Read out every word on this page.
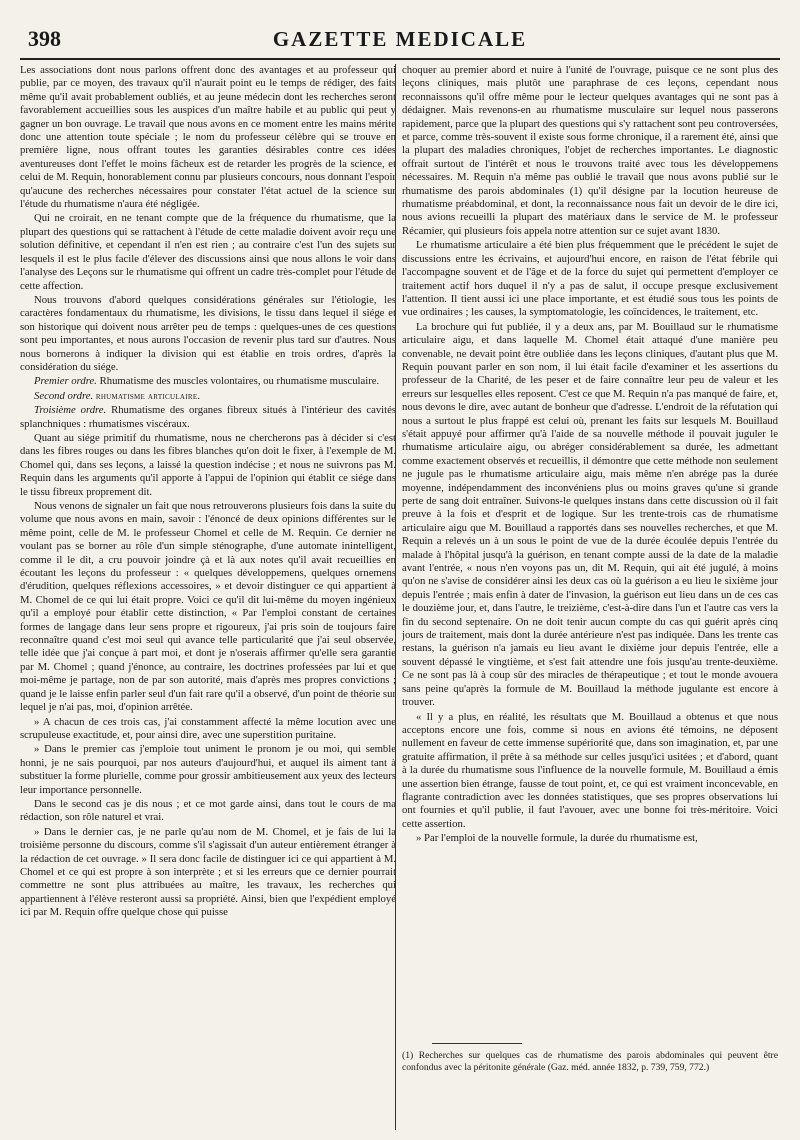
398	GAZETTE MEDICALE

Les associations dont nous parlons offrent donc des avantages et au professeur qui publie, par ce moyen, des travaux qu'il n'aurait point eu le temps de rédiger, des faits même qu'il avait probablement oubliés, et au jeune médecin dont les recherches seront favorablement accueillies sous les auspices d'un maître habile et au public qui peut y gagner un bon ouvrage. Le travail que nous avons en ce moment entre les mains mérite donc une attention toute spéciale ; le nom du professeur célèbre qui se trouve en première ligne, nous offrant toutes les garanties désirables contre ces idées aventureuses dont l'effet le moins fâcheux est de retarder les progrès de la science, et celui de M. Requin, honorablement connu par plusieurs concours, nous donnant l'espoir qu'aucune des recherches nécessaires pour constater l'état actuel de la science sur l'étude du rhumatisme n'aura été négligée.

Qui ne croirait, en ne tenant compte que de la fréquence du rhumatisme, que la plupart des questions qui se rattachent à l'étude de cette maladie doivent avoir reçu une solution définitive, et cependant il n'en est rien ; au contraire c'est l'un des sujets sur lesquels il est le plus facile d'élever des discussions ainsi que nous allons le voir dans l'analyse des Leçons sur le rhumatisme qui offrent un cadre très-complet pour l'étude de cette affection.

Nous trouvons d'abord quelques considérations générales sur l'étiologie, les caractères fondamentaux du rhumatisme, les divisions, le tissu dans lequel il siége et son historique qui doivent nous arrêter peu de temps : quelques-unes de ces questions sont peu importantes, et nous aurons l'occasion de revenir plus tard sur d'autres. Nous nous bornerons à indiquer la division qui est établie en trois ordres, d'après la considération du siége.

Premier ordre. Rhumatisme des muscles volontaires, ou rhumatisme musculaire.

Second ordre. rhumatisme articulaire.

Troisième ordre. Rhumatisme des organes fibreux situés à l'intérieur des cavités splanchniques : rhumatismes viscéraux.

Quant au siége primitif du rhumatisme, nous ne chercherons pas à décider si c'est dans les fibres rouges ou dans les fibres blanches qu'on doit le fixer, à l'exemple de M. Chomel qui, dans ses leçons, a laissé la question indécise ; et nous ne suivrons pas M. Requin dans les arguments qu'il apporte à l'appui de l'opinion qui établit ce siége dans le tissu fibreux proprement dit.

Nous venons de signaler un fait que nous retrouverons plusieurs fois dans la suite du volume que nous avons en main, savoir : l'énoncé de deux opinions différentes sur le même point, celle de M. le professeur Chomel et celle de M. Requin. Ce dernier ne voulant pas se borner au rôle d'un simple sténographe, d'une automate inintelligent, comme il le dit, a cru pouvoir joindre çà et là aux notes qu'il avait recueillies en écoutant les leçons du professeur : « quelques développemens, quelques ornemens d'érudition, quelques réflexions accessoires, » et devoir distinguer ce qui appartient à M. Chomel de ce qui lui était propre. Voici ce qu'il dit lui-même du moyen ingénieux qu'il a employé pour établir cette distinction, « Par l'emploi constant de certaines formes de langage dans leur sens propre et rigoureux, j'ai pris soin de toujours faire reconnaître quand c'est moi seul qui avance telle particularité que j'ai seul observée, telle idée que j'ai conçue à part moi, et dont je n'oserais affirmer qu'elle sera garantie par M. Chomel ; quand j'énonce, au contraire, les doctrines professées par lui et que moi-même je partage, non de par son autorité, mais d'après mes propres convictions ; quand je le laisse enfin parler seul d'un fait rare qu'il a observé, d'un point de théorie sur lequel je n'ai pas, moi, d'opinion arrêtée.

» A chacun de ces trois cas, j'ai constamment affecté la même locution avec une scrupuleuse exactitude, et, pour ainsi dire, avec une superstition puritaine.

» Dans le premier cas j'emploie tout uniment le pronom je ou moi, qui semble honni, je ne sais pourquoi, par nos auteurs d'aujourd'hui, et auquel ils aiment tant à substituer la forme plurielle, comme pour grossir ambitieusement aux yeux des lecteurs leur importance personnelle.

Dans le second cas je dis nous ; et ce mot garde ainsi, dans tout le cours de ma rédaction, son rôle naturel et vrai.

» Dans le dernier cas, je ne parle qu'au nom de M. Chomel, et je fais de lui la troisième personne du discours, comme s'il s'agissait d'un auteur entièrement étranger à la rédaction de cet ouvrage. » Il sera donc facile de distinguer ici ce qui appartient à M. Chomel et ce qui est propre à son interprète ; et si les erreurs que ce dernier pourrait commettre ne sont plus attribuées au maître, les travaux, les recherches qui appartiennent à l'élève resteront aussi sa propriété. Ainsi, bien que l'expédient employé ici par M. Requin offre quelque chose qui puisse

choquer au premier abord et nuire à l'unité de l'ouvrage, puisque ce ne sont plus des leçons cliniques, mais plutôt une paraphrase de ces leçons, cependant nous reconnaissons qu'il offre même pour le lecteur quelques avantages qui ne sont pas à dédaigner. Mais revenons-en au rhumatisme musculaire sur lequel nous passerons rapidement, parce que la plupart des questions qui s'y rattachent sont peu controversées, et parce, comme très-souvent il existe sous forme chronique, il a rarement été, ainsi que la plupart des maladies chroniques, l'objet de recherches importantes. Le diagnostic offrait surtout de l'intérêt et nous le trouvons traité avec tous les développemens nécessaires. M. Requin n'a même pas oublié le travail que nous avons publié sur le rhumatisme des parois abdominales (1) qu'il désigne par la locution heureuse de rhumatisme préabdominal, et dont, la reconnaissance nous fait un devoir de le dire ici, nous avions recueilli la plupart des matériaux dans le service de M. le professeur Récamier, qui plusieurs fois appela notre attention sur ce sujet avant 1830.

Le rhumatisme articulaire a été bien plus fréquemment que le précédent le sujet de discussions entre les écrivains, et aujourd'hui encore, en raison de l'état fébrile qui l'accompagne souvent et de l'âge et de la force du sujet qui permettent d'employer ce traitement actif hors duquel il n'y a pas de salut, il occupe presque exclusivement l'attention. Il tient aussi ici une place importante, et est étudié sous tous les points de vue ordinaires ; les causes, la symptomatologie, les coïncidences, le traitement, etc.

La brochure qui fut publiée, il y a deux ans, par M. Bouillaud sur le rhumatisme articulaire aigu, et dans laquelle M. Chomel était attaqué d'une manière peu convenable, ne devait point être oubliée dans les leçons cliniques, d'autant plus que M. Requin pouvant parler en son nom, il lui était facile d'examiner et les assertions du professeur de la Charité, de les peser et de faire connaître leur peu de valeur et les erreurs sur lesquelles elles reposent. C'est ce que M. Requin n'a pas manqué de faire, et, nous devons le dire, avec autant de bonheur que d'adresse. L'endroit de la réfutation qui nous a surtout le plus frappé est celui où, prenant les faits sur lesquels M. Bouillaud s'était appuyé pour affirmer qu'à l'aide de sa nouvelle méthode il pouvait juguler le rhumatisme articulaire aigu, ou abréger considérablement sa durée, les admettant comme exactement observés et recueillis, il démontre que cette méthode non seulement ne jugule pas le rhumatisme articulaire aigu, mais même n'en abrége pas la durée moyenne, indépendamment des inconvéniens plus ou moins graves qu'une si grande perte de sang doit entraîner. Suivons-le quelques instans dans cette discussion où il fait preuve à la fois et d'esprit et de logique. Sur les trente-trois cas de rhumatisme articulaire aigu que M. Bouillaud a rapportés dans ses nouvelles recherches, et que M. Requin a relevés un à un sous le point de vue de la durée écoulée depuis l'entrée du malade à l'hôpital jusqu'à la guérison, en tenant compte aussi de la date de la maladie avant l'entrée, « nous n'en voyons pas un, dit M. Requin, qui ait été jugulé, à moins qu'on ne s'avise de considérer ainsi les deux cas où la guérison a eu lieu le sixième jour depuis l'entrée ; mais enfin à dater de l'invasion, la guérison eut lieu dans un de ces cas le douzième jour, et, dans l'autre, le treizième, c'est-à-dire dans l'un et l'autre cas vers la fin du second septenaire. On ne doit tenir aucun compte du cas qui guérit après cinq jours de traitement, mais dont la durée antérieure n'est pas indiquée. Dans les trente cas restans, la guérison n'a jamais eu lieu avant le dixième jour depuis l'entrée, elle a souvent dépassé le vingtième, et s'est fait attendre une fois jusqu'au trente-deuxième. Ce ne sont pas là à coup sûr des miracles de thérapeutique ; et tout le monde avouera sans peine qu'après la formule de M. Bouillaud la méthode jugulante est encore à trouver.

« Il y a plus, en réalité, les résultats que M. Bouillaud a obtenus et que nous acceptons encore une fois, comme si nous en avions été témoins, ne déposent nullement en faveur de cette immense supériorité que, dans son imagination, et, par une gratuite affirmation, il prête à sa méthode sur celles jusqu'ici usitées ; et d'abord, quant à la durée du rhumatisme sous l'influence de la nouvelle formule, M. Bouillaud a émis une assertion bien étrange, fausse de tout point, et, ce qui est vraiment inconcevable, en flagrante contradiction avec les données statistiques, que ses propres observations lui ont fournies et qu'il publie, il faut l'avouer, avec une bonne foi très-méritoire. Voici cette assertion.

» Par l'emploi de la nouvelle formule, la durée du rhumatisme est,

(1) Recherches sur quelques cas de rhumatisme des parois abdominales qui peuvent être confondus avec la péritonite générale (Gaz. méd. année 1832, p. 739, 759, 772.)
